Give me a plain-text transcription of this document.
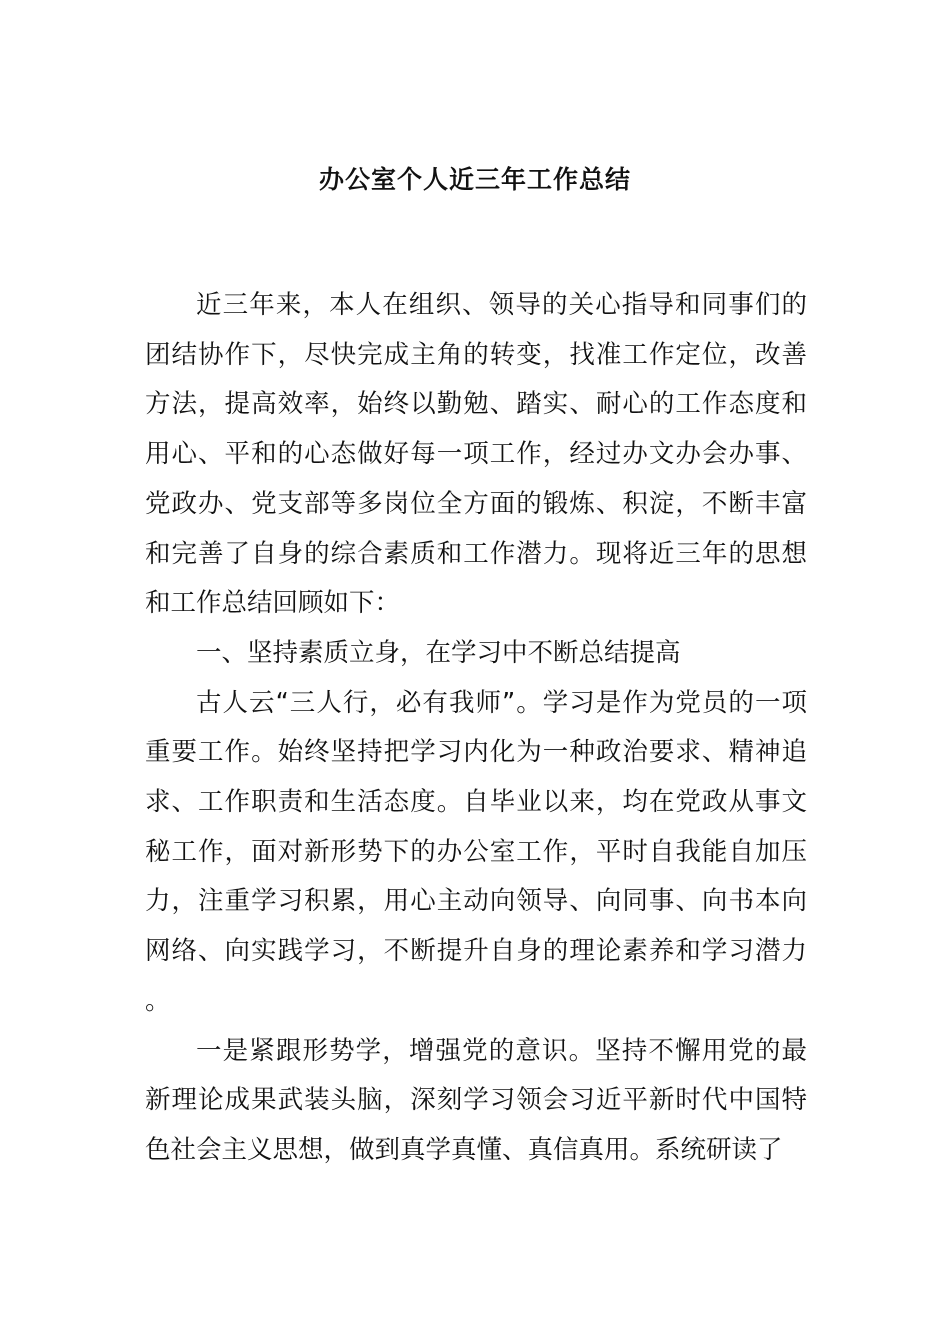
办公室个人近三年工作总结

近三年来，本人在组织、领导的关心指导和同事们的团结协作下，尽快完成主角的转变，找准工作定位，改善方法，提高效率，始终以勤勉、踏实、耐心的工作态度和用心、平和的心态做好每一项工作，经过办文办会办事、党政办、党支部等多岗位全方面的锻炼、积淀，不断丰富和完善了自身的综合素质和工作潜力。现将近三年的思想和工作总结回顾如下：

一、坚持素质立身，在学习中不断总结提高

古人云“三人行，必有我师”。学习是作为党员的一项重要工作。始终坚持把学习内化为一种政治要求、精神追求、工作职责和生活态度。自毕业以来，均在党政从事文秘工作，面对新形势下的办公室工作，平时自我能自加压力，注重学习积累，用心主动向领导、向同事、向书本向网络、向实践学习，不断提升自身的理论素养和学习潜力。

一是紧跟形势学，增强党的意识。坚持不懈用党的最新理论成果武装头脑，深刻学习领会习近平新时代中国特色社会主义思想，做到真学真懂、真信真用。系统研读了
